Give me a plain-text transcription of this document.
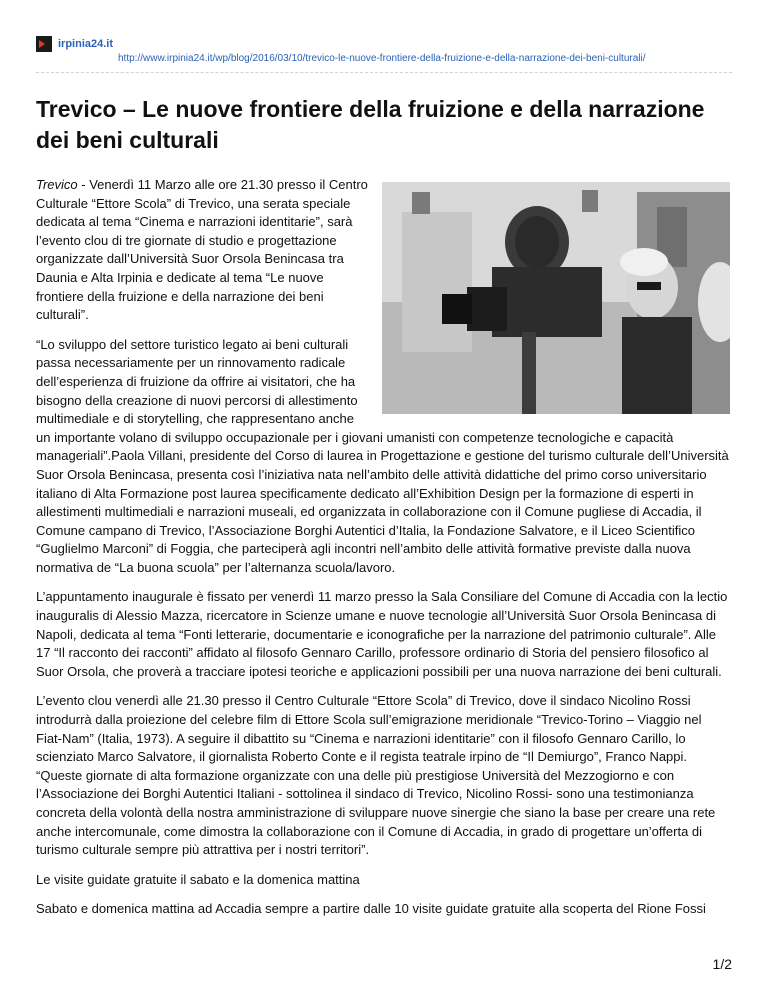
irpinia24.it
http://www.irpinia24.it/wp/blog/2016/03/10/trevico-le-nuove-frontiere-della-fruizione-e-della-narrazione-dei-beni-culturali/
Trevico – Le nuove frontiere della fruizione e della narrazione dei beni culturali

Trevico - Venerdì 11 Marzo alle ore 21.30 presso il Centro Culturale “Ettore Scola” di Trevico, una serata speciale dedicata al tema “Cinema e narrazioni identitarie”, sarà l’evento clou di tre giornate di studio e progettazione organizzate dall’Università Suor Orsola Benincasa tra Daunia e Alta Irpinia e dedicate al tema “Le nuove frontiere della fruizione e della narrazione dei beni culturali”.

“Lo sviluppo del settore turistico legato ai beni culturali passa necessariamente per un rinnovamento radicale dell’esperienza di fruizione da offrire ai visitatori, che ha bisogno della creazione di nuovi percorsi di allestimento multimediale e di storytelling, che rappresentano anche un importante volano di sviluppo occupazionale per i giovani umanisti con competenze tecnologiche e capacità manageriali”.Paola Villani, presidente del Corso di laurea in Progettazione e gestione del turismo culturale dell’Università Suor Orsola Benincasa, presenta così l’iniziativa nata nell’ambito delle attività didattiche del primo corso universitario italiano di Alta Formazione post laurea specificamente dedicato all’Exhibition Design per la formazione di esperti in allestimenti multimediali e narrazioni museali, ed organizzata in collaborazione con il Comune pugliese di Accadia, il Comune campano di Trevico, l’Associazione Borghi Autentici d’Italia, la Fondazione Salvatore, e il Liceo Scientifico “Guglielmo Marconi” di Foggia, che parteciperà agli incontri nell’ambito delle attività formative previste dalla nuova normativa de “La buona scuola” per l’alternanza scuola/lavoro.

L’appuntamento inaugurale è fissato per venerdì 11 marzo presso la Sala Consiliare del Comune di Accadia con la lectio inauguralis di Alessio Mazza, ricercatore in Scienze umane e nuove tecnologie all’Università Suor Orsola Benincasa di Napoli, dedicata al tema “Fonti letterarie, documentarie e iconografiche per la narrazione del patrimonio culturale”. Alle 17 “Il racconto dei racconti” affidato al filosofo Gennaro Carillo, professore ordinario di Storia del pensiero filosofico al Suor Orsola, che proverà a tracciare ipotesi teoriche e applicazioni possibili per una nuova narrazione dei beni culturali.

L’evento clou venerdì alle 21.30 presso il Centro Culturale “Ettore Scola” di Trevico, dove il sindaco Nicolino Rossi introdurrà dalla proiezione del celebre film di Ettore Scola sull’emigrazione meridionale “Trevico-Torino – Viaggio nel Fiat-Nam” (Italia, 1973). A seguire il dibattito su “Cinema e narrazioni identitarie” con il filosofo Gennaro Carillo, lo scienziato Marco Salvatore, il giornalista Roberto Conte e il regista teatrale irpino de “Il Demiurgo”, Franco Nappi. “Queste giornate di alta formazione organizzate con una delle più prestigiose Università del Mezzogiorno e con l’Associazione dei Borghi Autentici Italiani - sottolinea il sindaco di Trevico, Nicolino Rossi- sono una testimonianza concreta della volontà della nostra amministrazione di sviluppare nuove sinergie che siano la base per creare una rete anche intercomunale, come dimostra la collaborazione con il Comune di Accadia, in grado di progettare un’offerta di turismo culturale sempre più attrattiva per i nostri territori”.

Le visite guidate gratuite il sabato e la domenica mattina

Sabato e domenica mattina ad Accadia sempre a partire dalle 10 visite guidate gratuite alla scoperta del Rione Fossi

1/2
